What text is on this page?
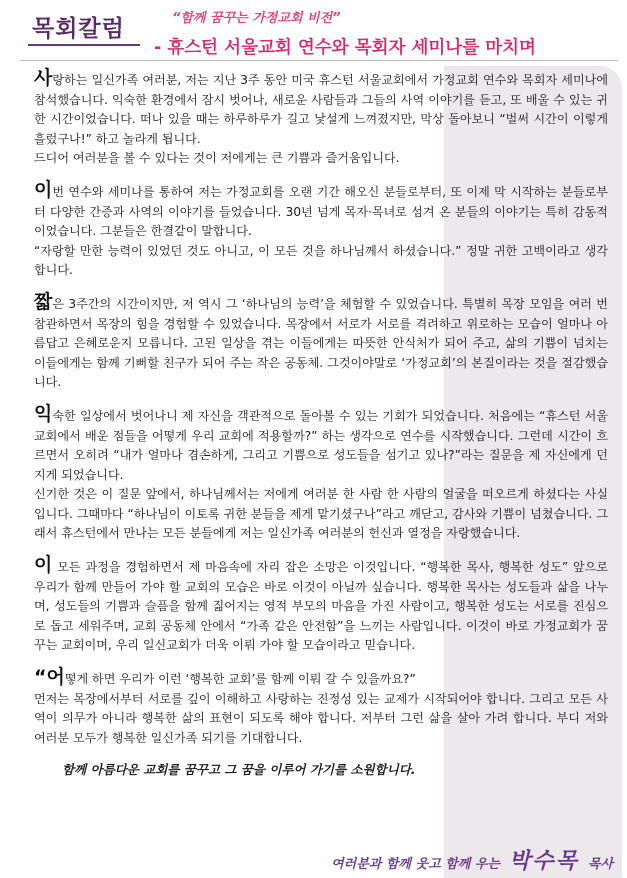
목회칼럼	“함께 꿈꾸는 가정교회 비전”
- 휴스턴 서울교회 연수와 목회자 세미나를 마치며

사랑하는 일신가족 여러분, 저는 지난 3주 동안 미국 휴스턴 서울교회에서 가정교회 연수와 목회자 세미나에 참석했습니다. 익숙한 환경에서 잠시 벗어나, 새로운 사람들과 그들의 사역 이야기를 듣고, 또 배울 수 있는 귀한 시간이었습니다. 떠나 있을 때는 하루하루가 길고 낯설게 느껴졌지만, 막상 돌아보니 “벌써 시간이 이렇게 흘렀구나!” 하고 놀라게 됩니다.

드디어 여러분을 볼 수 있다는 것이 저에게는 큰 기쁨과 즐거움입니다.

이번 연수와 세미나를 통하여 저는 가정교회를 오랜 기간 해오신 분들로부터, 또 이제 막 시작하는 분들로부터 다양한 간증과 사역의 이야기를 들었습니다. 30년 넘게 목자·목녀로 섬겨 온 분들의 이야기는 특히 감동적이었습니다. 그분들은 한결같이 말합니다.

“자랑할 만한 능력이 있었던 것도 아니고, 이 모든 것을 하나님께서 하셨습니다.” 정말 귀한 고백이라고 생각합니다.

짧은 3주간의 시간이지만, 저 역시 그 ‘하나님의 능력’을 체험할 수 있었습니다. 특별히 목장 모임을 여러 번 참관하면서 목장의 힘을 경험할 수 있었습니다. 목장에서 서로가 서로를 격려하고 위로하는 모습이 얼마나 아름답고 은혜로운지 모릅니다. 고된 일상을 겪는 이들에게는 따뜻한 안식처가 되어 주고, 삶의 기쁨이 넘치는 이들에게는 함께 기뻐할 친구가 되어 주는 작은 공동체. 그것이야말로 ‘가정교회’의 본질이라는 것을 절감했습니다.

익숙한 일상에서 벗어나니 제 자신을 객관적으로 돌아볼 수 있는 기회가 되었습니다. 처음에는 “휴스턴 서울교회에서 배운 점들을 어떻게 우리 교회에 적용할까?” 하는 생각으로 연수를 시작했습니다. 그런데 시간이 흐르면서 오히려 “내가 얼마나 겸손하게, 그리고 기쁨으로 성도들을 섬기고 있나?”라는 질문을 제 자신에게 던지게 되었습니다.

신기한 것은 이 질문 앞에서, 하나님께서는 저에게 여러분 한 사람 한 사람의 얼굴을 떠오르게 하셨다는 사실입니다. 그때마다 “하나님이 이토록 귀한 분들을 제게 맡기셨구나”라고 깨닫고, 감사와 기쁨이 넘쳤습니다. 그래서 휴스턴에서 만나는 모든 분들에게 저는 일신가족 여러분의 헌신과 열정을 자랑했습니다.

이 모든 과정을 경험하면서 제 마음속에 자리 잡은 소망은 이것입니다. “행복한 목사, 행복한 성도” 앞으로 우리가 함께 만들어 가야 할 교회의 모습은 바로 이것이 아닐까 싶습니다. 행복한 목사는 성도들과 삶을 나누며, 성도들의 기쁨과 슬픔을 함께 짊어지는 영적 부모의 마음을 가진 사람이고, 행복한 성도는 서로를 진심으로 돕고 세워주며, 교회 공동체 안에서 “가족 같은 안전함”을 느끼는 사람입니다. 이것이 바로 가정교회가 꿈꾸는 교회이며, 우리 일신교회가 더욱 이뤄 가야 할 모습이라고 믿습니다.

“어떻게 하면 우리가 이런 ‘행복한 교회’를 함께 이뤄 갈 수 있을까요?”

먼저는 목장에서부터 서로를 깊이 이해하고 사랑하는 진정성 있는 교제가 시작되어야 합니다. 그리고 모든 사역이 의무가 아니라 행복한 삶의 표현이 되도록 해야 합니다. 저부터 그런 삶을 살아 가려 합니다. 부디 저와 여러분 모두가 행복한 일신가족 되기를 기대합니다.

함께 아름다운 교회를 꿈꾸고 그 꿈을 이루어 가기를 소원합니다.
여러분과 함께 웃고 함께 우는 박수목 목사
